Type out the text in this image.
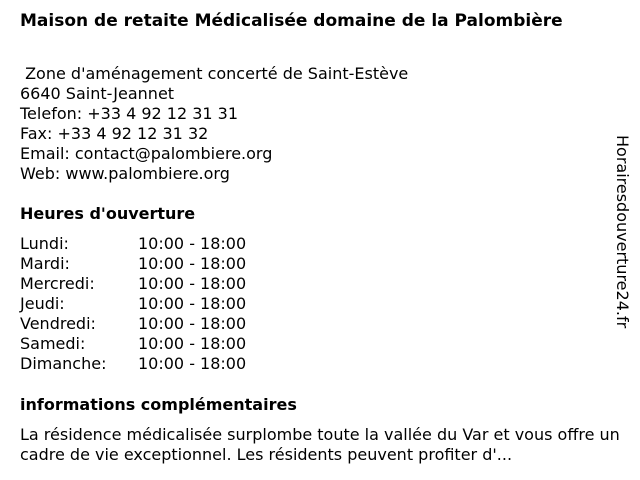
Maison de retaite Médicalisée domaine de la Palombière
Zone d'aménagement concerté de Saint-Estève
6640 Saint-Jeannet
Telefon: +33 4 92 12 31 31
Fax: +33 4 92 12 31 32
Email: contact@palombiere.org
Web: www.palombiere.org
Heures d'ouverture
Lundi:	10:00 - 18:00
Mardi:	10:00 - 18:00
Mercredi:	10:00 - 18:00
Jeudi:	10:00 - 18:00
Vendredi:	10:00 - 18:00
Samedi:	10:00 - 18:00
Dimanche:	10:00 - 18:00
informations complémentaires
La résidence médicalisée surplombe toute la vallée du Var et vous offre un cadre de vie exceptionnel. Les résidents peuvent profiter d'...
Horairesdouverture24.fr
